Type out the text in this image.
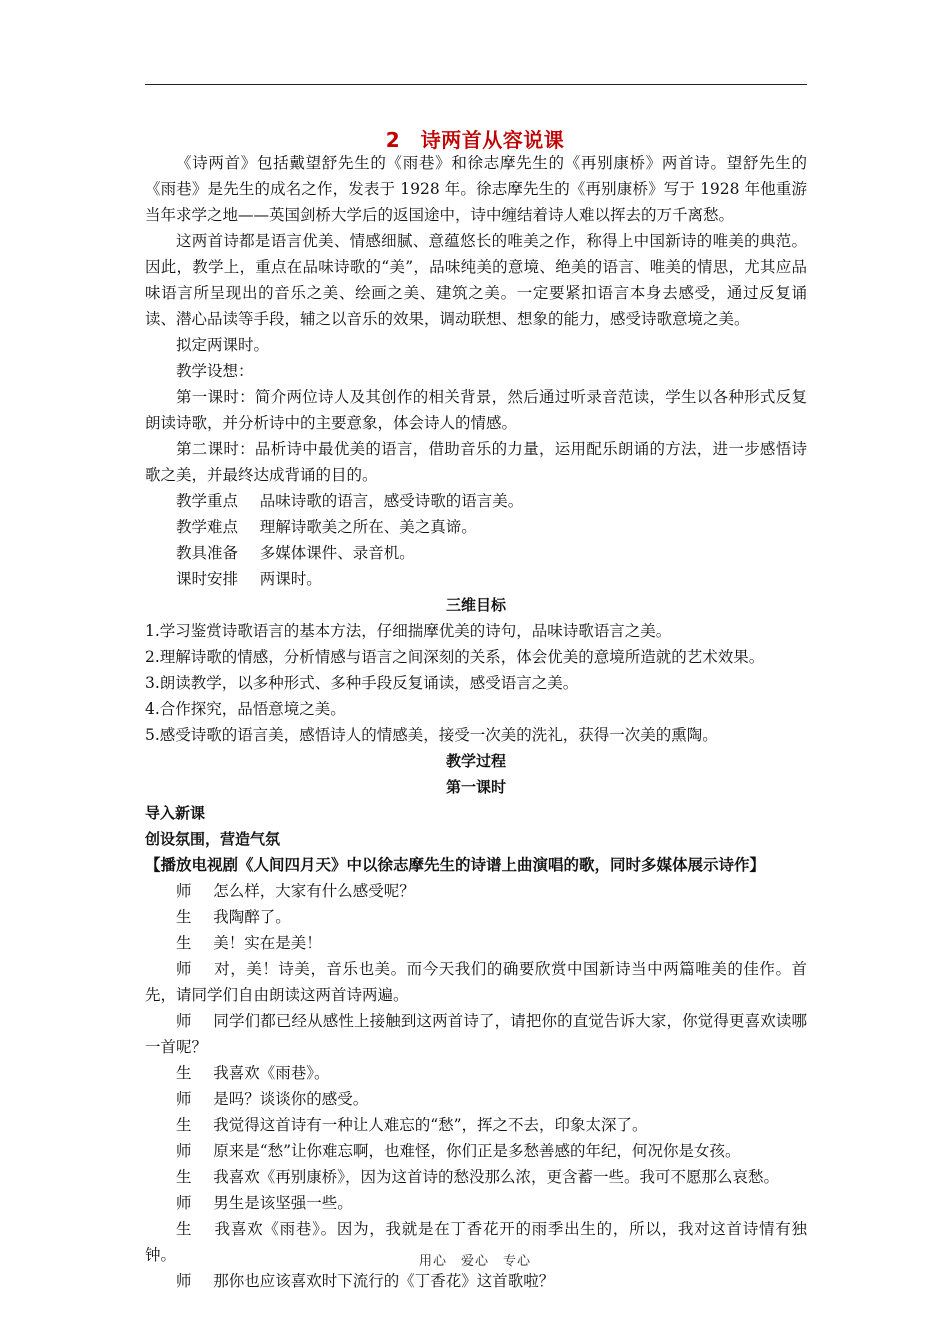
2　诗两首从容说课

《诗两首》包括戴望舒先生的《雨巷》和徐志摩先生的《再别康桥》两首诗。望舒先生的《雨巷》是先生的成名之作，发表于 1928 年。徐志摩先生的《再别康桥》写于 1928 年他重游当年求学之地——英国剑桥大学后的返国途中，诗中缠结着诗人难以挥去的万千离愁。

这两首诗都是语言优美、情感细腻、意蕴悠长的唯美之作，称得上中国新诗的唯美的典范。因此，教学上，重点在品味诗歌的“美”，品味纯美的意境、绝美的语言、唯美的情思，尤其应品味语言所呈现出的音乐之美、绘画之美、建筑之美。一定要紧扣语言本身去感受，通过反复诵读、潜心品读等手段，辅之以音乐的效果，调动联想、想象的能力，感受诗歌意境之美。

拟定两课时。

教学设想：

第一课时：简介两位诗人及其创作的相关背景，然后通过听录音范读，学生以各种形式反复朗读诗歌，并分析诗中的主要意象，体会诗人的情感。

第二课时：品析诗中最优美的语言，借助音乐的力量，运用配乐朗诵的方法，进一步感悟诗歌之美，并最终达成背诵的目的。

教学重点 品味诗歌的语言，感受诗歌的语言美。

教学难点 理解诗歌美之所在、美之真谛。

教具准备 多媒体课件、录音机。

课时安排 两课时。

三维目标

1.学习鉴赏诗歌语言的基本方法，仔细揣摩优美的诗句，品味诗歌语言之美。

2.理解诗歌的情感，分析情感与语言之间深刻的关系，体会优美的意境所造就的艺术效果。

3.朗读教学，以多种形式、多种手段反复诵读，感受语言之美。

4.合作探究，品悟意境之美。

5.感受诗歌的语言美，感悟诗人的情感美，接受一次美的洗礼，获得一次美的熏陶。

教学过程

第一课时

导入新课

创设氛围，营造气氛

【播放电视剧《人间四月天》中以徐志摩先生的诗谱上曲演唱的歌，同时多媒体展示诗作】

师 怎么样，大家有什么感受呢？

生 我陶醉了。

生 美！实在是美！

师 对，美！诗美，音乐也美。而今天我们的确要欣赏中国新诗当中两篇唯美的佳作。首先，请同学们自由朗读这两首诗两遍。

师 同学们都已经从感性上接触到这两首诗了，请把你的直觉告诉大家，你觉得更喜欢读哪一首呢？

生 我喜欢《雨巷》。

师 是吗？谈谈你的感受。

生 我觉得这首诗有一种让人难忘的“愁”，挥之不去，印象太深了。

师 原来是“愁”让你难忘啊，也难怪，你们正是多愁善感的年纪，何况你是女孩。

生 我喜欢《再别康桥》，因为这首诗的愁没那么浓，更含蓄一些。我可不愿那么哀愁。

师 男生是该坚强一些。

生 我喜欢《雨巷》。因为，我就是在丁香花开的雨季出生的，所以，我对这首诗情有独钟。

师 那你也应该喜欢时下流行的《丁香花》这首歌啦？

用心　爱心　专心
